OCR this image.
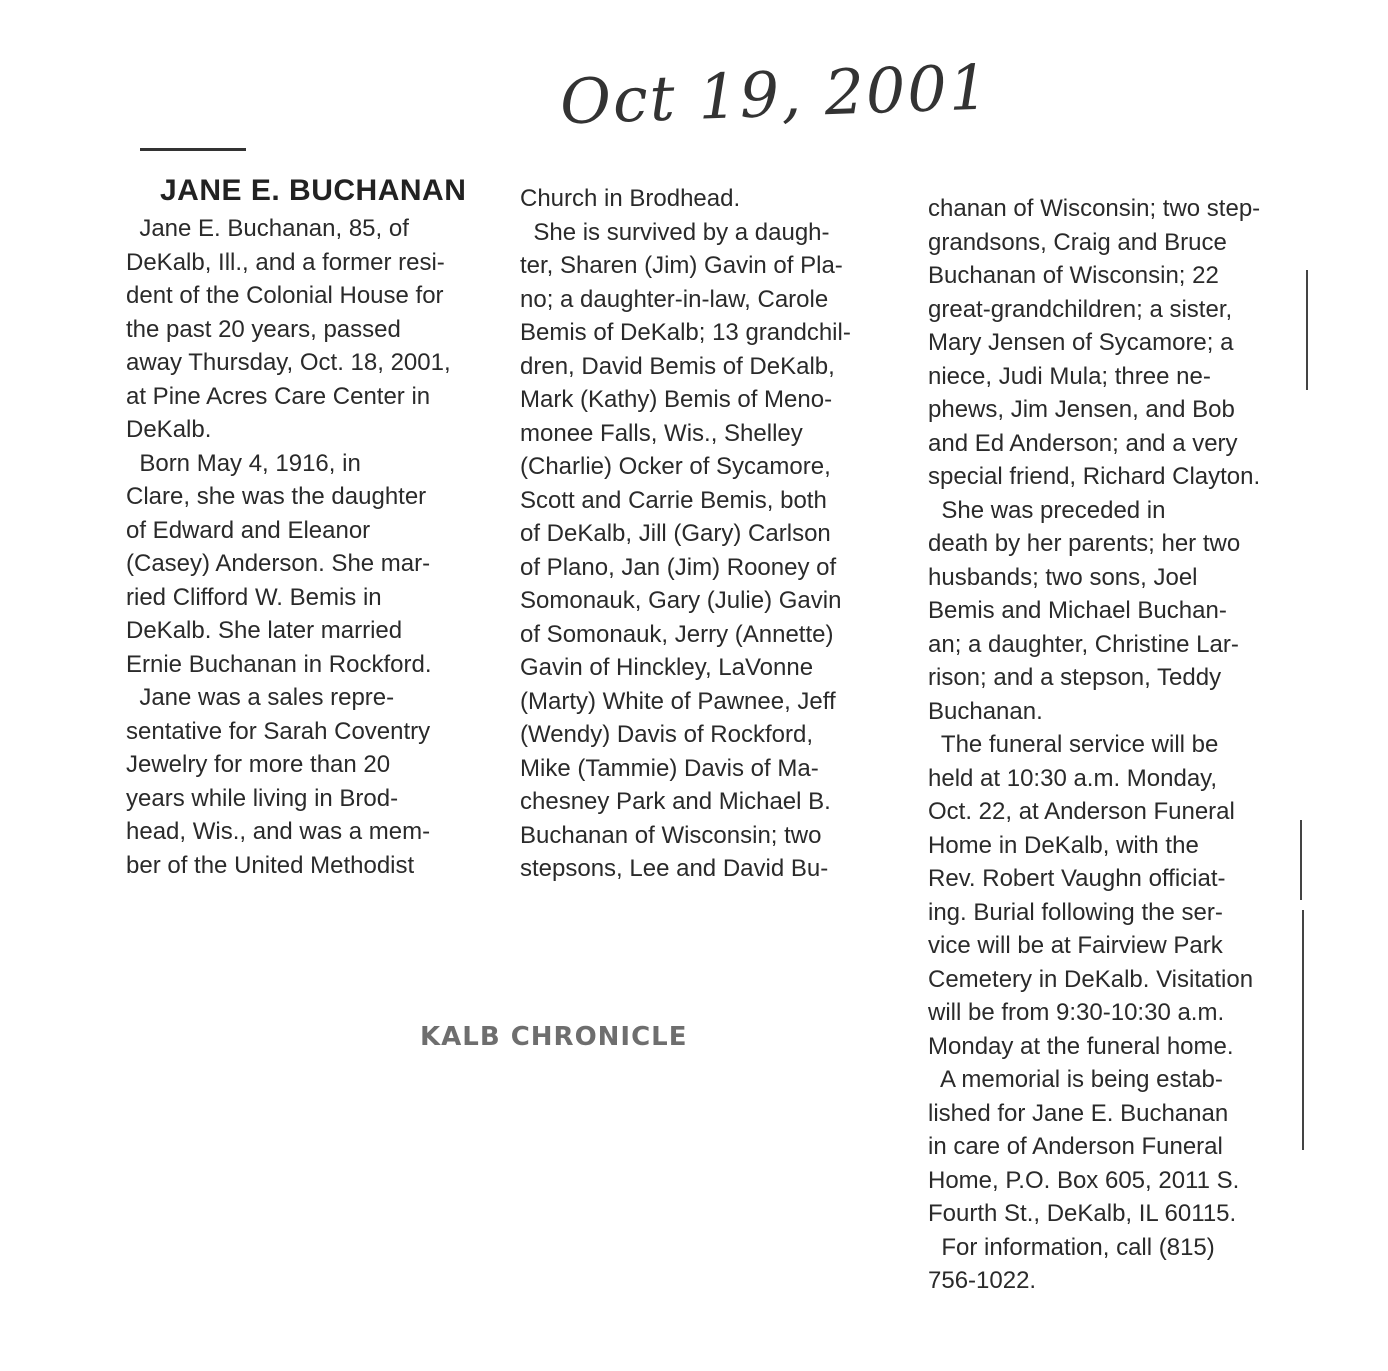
Oct 19, 2001
JANE E. BUCHANAN
Jane E. Buchanan, 85, of
DeKalb, Ill., and a former resi-
dent of the Colonial House for
the past 20 years, passed
away Thursday, Oct. 18, 2001,
at Pine Acres Care Center in
DeKalb.
Born May 4, 1916, in
Clare, she was the daughter
of Edward and Eleanor
(Casey) Anderson. She mar-
ried Clifford W. Bemis in
DeKalb. She later married
Ernie Buchanan in Rockford.
Jane was a sales repre-
sentative for Sarah Coventry
Jewelry for more than 20
years while living in Brod-
head, Wis., and was a mem-
ber of the United Methodist
Church in Brodhead.
She is survived by a daugh-
ter, Sharen (Jim) Gavin of Pla-
no; a daughter-in-law, Carole
Bemis of DeKalb; 13 grandchil-
dren, David Bemis of DeKalb,
Mark (Kathy) Bemis of Meno-
monee Falls, Wis., Shelley
(Charlie) Ocker of Sycamore,
Scott and Carrie Bemis, both
of DeKalb, Jill (Gary) Carlson
of Plano, Jan (Jim) Rooney of
Somonauk, Gary (Julie) Gavin
of Somonauk, Jerry (Annette)
Gavin of Hinckley, LaVonne
(Marty) White of Pawnee, Jeff
(Wendy) Davis of Rockford,
Mike (Tammie) Davis of Ma-
chesney Park and Michael B.
Buchanan of Wisconsin; two
stepsons, Lee and David Bu-
chanan of Wisconsin; two step-
grandsons, Craig and Bruce
Buchanan of Wisconsin; 22
great-grandchildren; a sister,
Mary Jensen of Sycamore; a
niece, Judi Mula; three ne-
phews, Jim Jensen, and Bob
and Ed Anderson; and a very
special friend, Richard Clayton.
She was preceded in
death by her parents; her two
husbands; two sons, Joel
Bemis and Michael Buchan-
an; a daughter, Christine Lar-
rison; and a stepson, Teddy
Buchanan.
The funeral service will be
held at 10:30 a.m. Monday,
Oct. 22, at Anderson Funeral
Home in DeKalb, with the
Rev. Robert Vaughn officiat-
ing. Burial following the ser-
vice will be at Fairview Park
Cemetery in DeKalb. Visitation
will be from 9:30-10:30 a.m.
Monday at the funeral home.
A memorial is being estab-
lished for Jane E. Buchanan
in care of Anderson Funeral
Home, P.O. Box 605, 2011 S.
Fourth St., DeKalb, IL 60115.
For information, call (815)
756-1022.
KALB CHRONICLE
